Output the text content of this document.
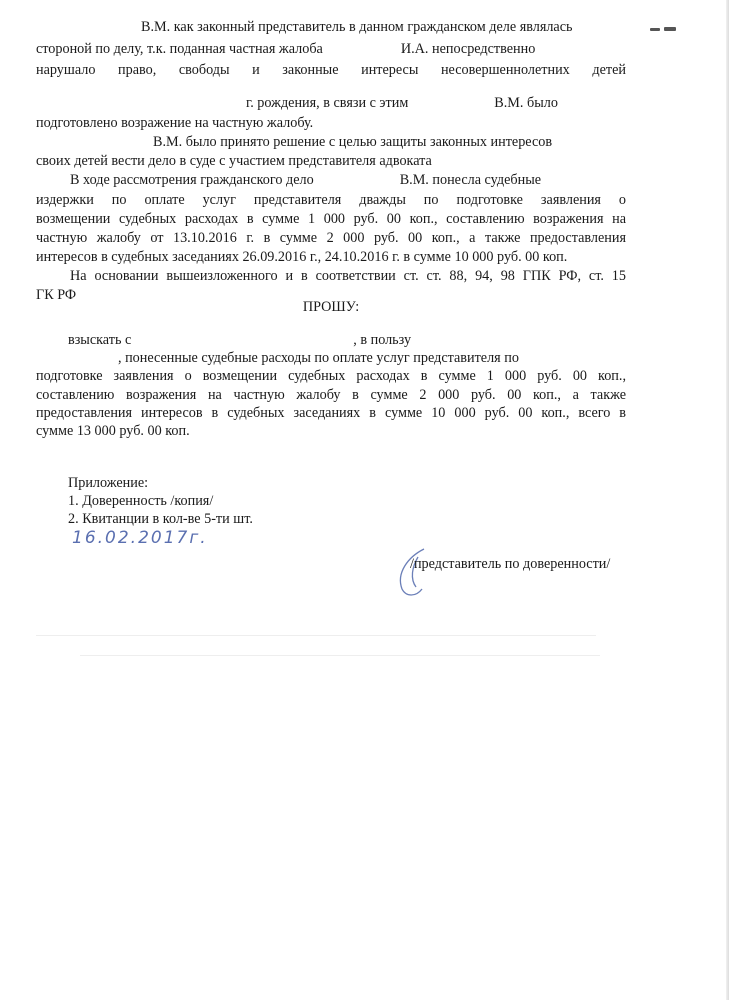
В.М. как законный представитель в данном гражданском деле являлась
стороной по делу, т.к. поданная частная жалоба	И.А. непосредственно
нарушало право, свободы и законные интересы несовершеннолетних детей
г. рождения, в связи с этим	В.М. было
подготовлено возражение на частную жалобу.
В.М. было принято решение с целью защиты законных интересов
своих детей вести дело в суде с участием представителя адвоката
В ходе рассмотрения гражданского дело	В.М. понесла судебные
издержки по оплате услуг представителя дважды по подготовке заявления о
возмещении судебных расходах в сумме 1 000 руб. 00 коп., составлению возражения на
частную жалобу от 13.10.2016 г. в сумме 2 000 руб. 00 коп., а также предоставления
интересов в судебных заседаниях 26.09.2016 г., 24.10.2016 г. в сумме 10 000 руб. 00 коп.
На основании вышеизложенного и в соответствии ст. ст. 88, 94, 98 ГПК РФ, ст. 15
ГК РФ
ПРОШУ:
взыскать с	, в пользу
, понесенные судебные расходы по оплате услуг представителя по
подготовке заявления о возмещении судебных расходах в сумме 1 000 руб. 00 коп.,
составлению возражения на частную жалобу в сумме 2 000 руб. 00 коп., а также
предоставления интересов в судебных заседаниях в сумме 10 000 руб. 00 коп., всего в
сумме 13 000 руб. 00 коп.
Приложение:
1. Доверенность /копия/
2. Квитанции в кол-ве 5-ти шт.
16.02.2017г.
/представитель по доверенности/
